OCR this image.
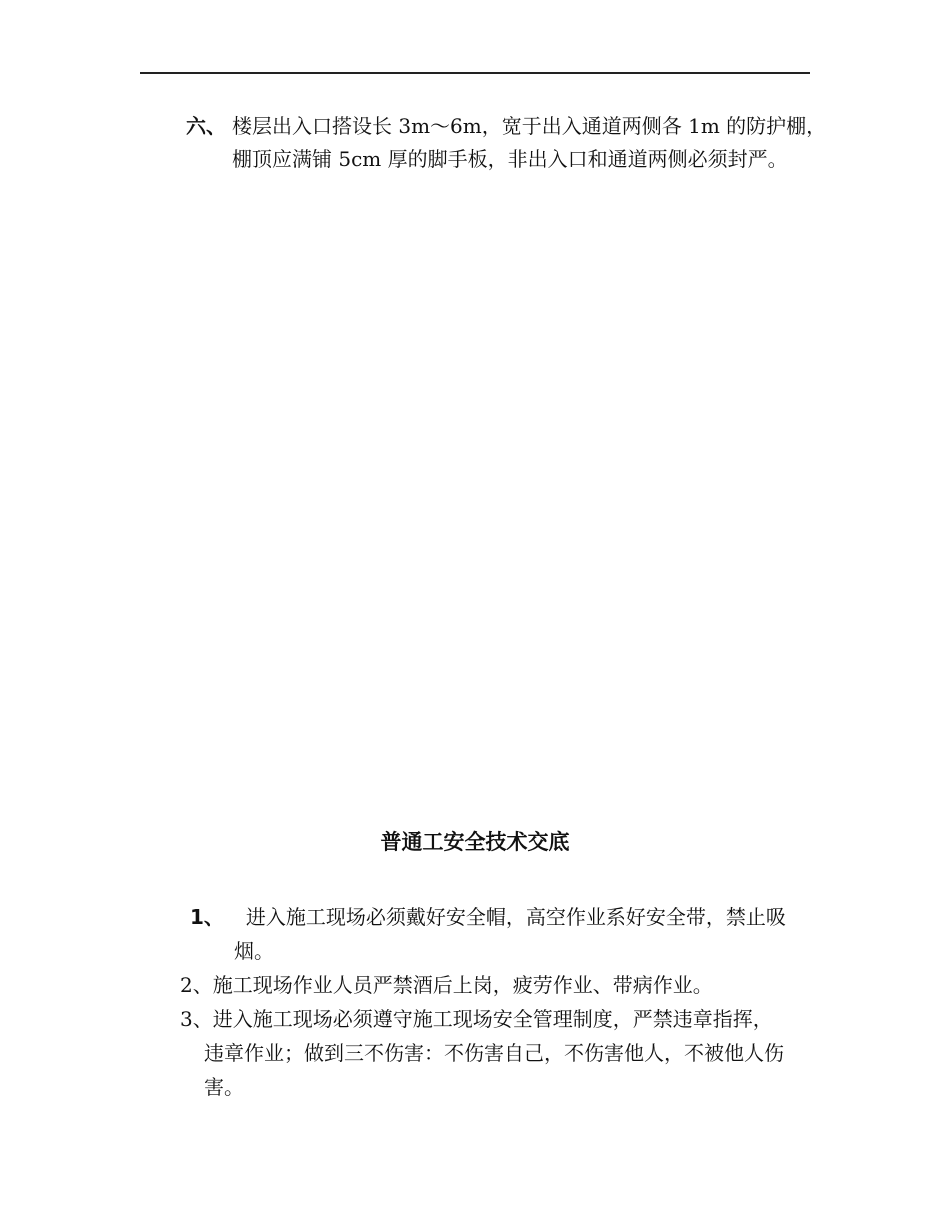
六、 楼层出入口搭设长 3m～6m，宽于出入通道两侧各 1m 的防护棚，
棚顶应满铺 5cm 厚的脚手板，非出入口和通道两侧必须封严。
普通工安全技术交底
1、 进入施工现场必须戴好安全帽，高空作业系好安全带，禁止吸
烟。
2、施工现场作业人员严禁酒后上岗，疲劳作业、带病作业。
3、进入施工现场必须遵守施工现场安全管理制度，严禁违章指挥，
违章作业；做到三不伤害：不伤害自己，不伤害他人，不被他人伤
害。
